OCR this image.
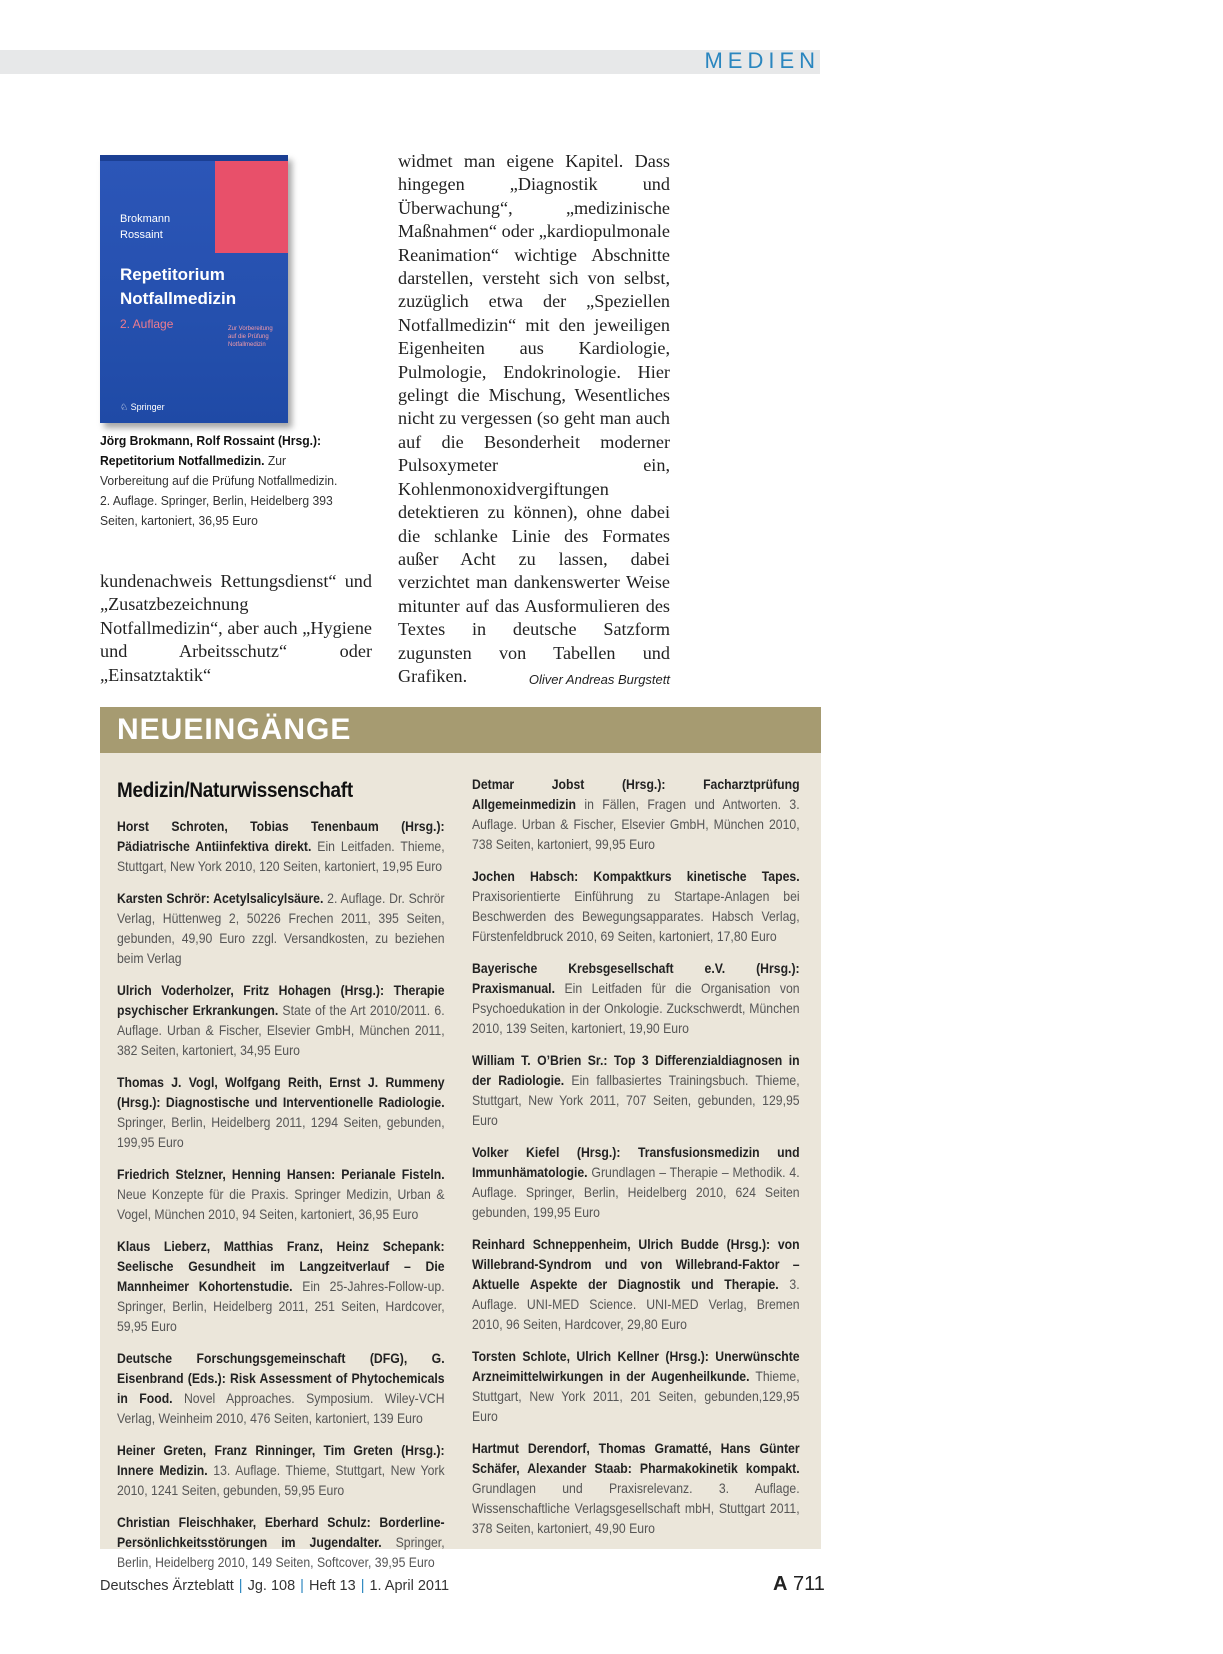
MEDIEN
Brokmann
Rossaint
Repetitorium
Notfallmedizin
2. Auflage	Zur Vorbereitung
auf die Prüfung
Notfallmedizin
♘ Springer
Jörg Brokmann, Rolf Rossaint (Hrsg.): Repetitorium Notfallmedizin. Zur Vorbereitung auf die Prüfung Notfallmedizin. 2. Auflage. Springer, Berlin, Heidelberg 393 Seiten, kartoniert, 36,95 Euro
kundenachweis Rettungsdienst“ und „Zusatzbezeichnung Notfallmedizin“, aber auch „Hygiene und Arbeitsschutz“ oder „Einsatztaktik“
widmet man eigene Kapitel. Dass hingegen „Diagnostik und Überwachung“, „medizinische Maßnahmen“ oder „kardiopulmonale Reanimation“ wichtige Abschnitte darstellen, versteht sich von selbst, zuzüglich etwa der „Speziellen Notfallmedizin“ mit den jeweiligen Eigenheiten aus Kardiologie, Pulmologie, Endokrinologie. Hier gelingt die Mischung, Wesentliches nicht zu vergessen (so geht man auch auf die Besonderheit moderner Pulsoxymeter ein, Kohlenmonoxidvergiftungen detektieren zu können), ohne dabei die schlanke Linie des Formates außer Acht zu lassen, dabei verzichtet man dankenswerter Weise mitunter auf das Ausformulieren des Textes in deutsche Satzform zugunsten von Tabellen und Grafiken.	Oliver Andreas Burgstett
NEUEINGÄNGE
Medizin/Naturwissenschaft
Horst Schroten, Tobias Tenenbaum (Hrsg.): Pädiatrische Antiinfektiva direkt. Ein Leitfaden. Thieme, Stuttgart, New York 2010, 120 Seiten, kartoniert, 19,95 Euro
Karsten Schrör: Acetylsalicylsäure. 2. Auflage. Dr. Schrör Verlag, Hüttenweg 2, 50226 Frechen 2011, 395 Seiten, gebunden, 49,90 Euro zzgl. Versandkosten, zu beziehen beim Verlag
Ulrich Voderholzer, Fritz Hohagen (Hrsg.): Therapie psychischer Erkrankungen. State of the Art 2010/2011. 6. Auflage. Urban & Fischer, Elsevier GmbH, München 2011, 382 Seiten, kartoniert, 34,95 Euro
Thomas J. Vogl, Wolfgang Reith, Ernst J. Rummeny (Hrsg.): Diagnostische und Interventionelle Radiologie. Springer, Berlin, Heidelberg 2011, 1294 Seiten, gebunden, 199,95 Euro
Friedrich Stelzner, Henning Hansen: Perianale Fisteln. Neue Konzepte für die Praxis. Springer Medizin, Urban & Vogel, München 2010, 94 Seiten, kartoniert, 36,95 Euro
Klaus Lieberz, Matthias Franz, Heinz Schepank: Seelische Gesundheit im Langzeitverlauf – Die Mannheimer Kohortenstudie. Ein 25-Jahres-Follow-up. Springer, Berlin, Heidelberg 2011, 251 Seiten, Hardcover, 59,95 Euro
Deutsche Forschungsgemeinschaft (DFG), G. Eisenbrand (Eds.): Risk Assessment of Phytochemicals in Food. Novel Approaches. Symposium. Wiley-VCH Verlag, Weinheim 2010, 476 Seiten, kartoniert, 139 Euro
Heiner Greten, Franz Rinninger, Tim Greten (Hrsg.): Innere Medizin. 13. Auflage. Thieme, Stuttgart, New York 2010, 1241 Seiten, gebunden, 59,95 Euro
Christian Fleischhaker, Eberhard Schulz: Borderline-Persönlichkeitsstörungen im Jugendalter. Springer, Berlin, Heidelberg 2010, 149 Seiten, Softcover, 39,95 Euro
Detmar Jobst (Hrsg.): Facharztprüfung Allgemeinmedizin in Fällen, Fragen und Antworten. 3. Auflage. Urban & Fischer, Elsevier GmbH, München 2010, 738 Seiten, kartoniert, 99,95 Euro
Jochen Habsch: Kompaktkurs kinetische Tapes. Praxisorientierte Einführung zu Startape-Anlagen bei Beschwerden des Bewegungsapparates. Habsch Verlag, Fürstenfeldbruck 2010, 69 Seiten, kartoniert, 17,80 Euro
Bayerische Krebsgesellschaft e.V. (Hrsg.): Praxismanual. Ein Leitfaden für die Organisation von Psychoedukation in der Onkologie. Zuckschwerdt, München 2010, 139 Seiten, kartoniert, 19,90 Euro
William T. O’Brien Sr.: Top 3 Differenzialdiagnosen in der Radiologie. Ein fallbasiertes Trainingsbuch. Thieme, Stuttgart, New York 2011, 707 Seiten, gebunden, 129,95 Euro
Volker Kiefel (Hrsg.): Transfusionsmedizin und Immunhämatologie. Grundlagen – Therapie – Methodik. 4. Auflage. Springer, Berlin, Heidelberg 2010, 624 Seiten gebunden, 199,95 Euro
Reinhard Schneppenheim, Ulrich Budde (Hrsg.): von Willebrand-Syndrom und von Willebrand-Faktor – Aktuelle Aspekte der Diagnostik und Therapie. 3. Auflage. UNI-MED Science. UNI-MED Verlag, Bremen 2010, 96 Seiten, Hardcover, 29,80 Euro
Torsten Schlote, Ulrich Kellner (Hrsg.): Unerwünschte Arzneimittelwirkungen in der Augenheilkunde. Thieme, Stuttgart, New York 2011, 201 Seiten, gebunden,129,95 Euro
Hartmut Derendorf, Thomas Gramatté, Hans Günter Schäfer, Alexander Staab: Pharmakokinetik kompakt. Grundlagen und Praxisrelevanz. 3. Auflage. Wissenschaftliche Verlagsgesellschaft mbH, Stuttgart 2011, 378 Seiten, kartoniert, 49,90 Euro
Deutsches Ärzteblatt | Jg. 108 | Heft 13 | 1. April 2011	A 711
